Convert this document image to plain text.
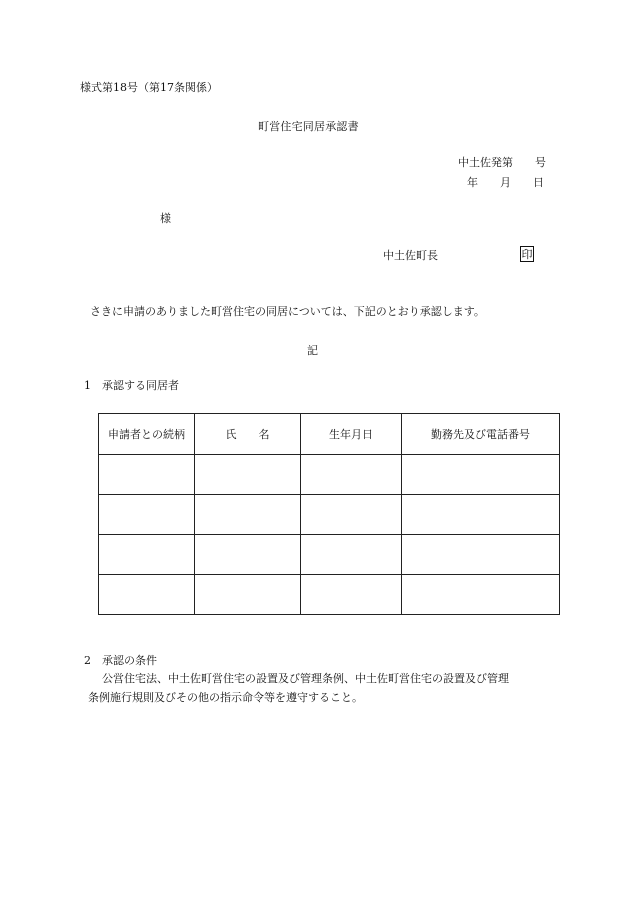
様式第18号（第17条関係）
町営住宅同居承認書
中土佐発第　　号
年　　月　　日
様
中土佐町長	印
さきに申請のありました町営住宅の同居については、下記のとおり承認します。
記
1 承認する同居者
申請者との続柄	氏　　名	生年月日	勤務先及び電話番号

2 承認の条件
公営住宅法、中土佐町営住宅の設置及び管理条例、中土佐町営住宅の設置及び管理
条例施行規則及びその他の指示命令等を遵守すること。
